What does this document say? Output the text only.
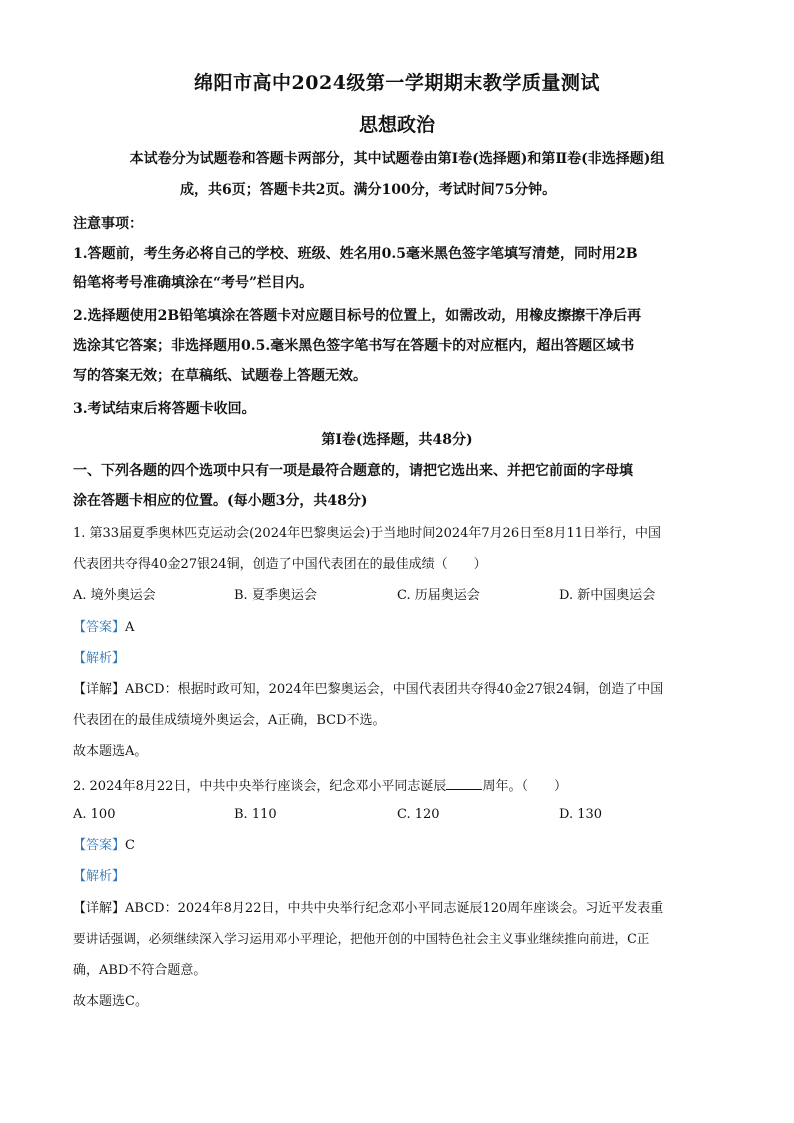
绵阳市高中2024级第一学期期末教学质量测试
思想政治
本试卷分为试题卷和答题卡两部分，其中试题卷由第Ⅰ卷(选择题)和第Ⅱ卷(非选择题)组
成，共6页；答题卡共2页。满分100分，考试时间75分钟。
注意事项：
1.答题前，考生务必将自己的学校、班级、姓名用0.5毫米黑色签字笔填写清楚，同时用2B
铅笔将考号准确填涂在“考号”栏目内。
2.选择题使用2B铅笔填涂在答题卡对应题目标号的位置上，如需改动，用橡皮擦擦干净后再
选涂其它答案；非选择题用0.5.毫米黑色签字笔书写在答题卡的对应框内，超出答题区域书
写的答案无效；在草稿纸、试题卷上答题无效。
3.考试结束后将答题卡收回。
第Ⅰ卷(选择题，共48分)
一、下列各题的四个选项中只有一项是最符合题意的，请把它选出来、并把它前面的字母填
涂在答题卡相应的位置。(每小题3分，共48分)
1. 第33届夏季奥林匹克运动会(2024年巴黎奥运会)于当地时间2024年7月26日至8月11日举行，中国
代表团共夺得40金27银24铜，创造了中国代表团在的最佳成绩（　　）
A. 境外奥运会	B. 夏季奥运会	C. 历届奥运会	D. 新中国奥运会
【答案】A
【解析】
【详解】ABCD：根据时政可知，2024年巴黎奥运会，中国代表团共夺得40金27银24铜，创造了中国
代表团在的最佳成绩境外奥运会，A正确，BCD不选。
故本题选A。
2. 2024年8月22日，中共中央举行座谈会，纪念邓小平同志诞辰	周年。（　　）
A. 100	B. 110	C. 120	D. 130
【答案】C
【解析】
【详解】ABCD：2024年8月22日，中共中央举行纪念邓小平同志诞辰120周年座谈会。习近平发表重
要讲话强调，必须继续深入学习运用邓小平理论，把他开创的中国特色社会主义事业继续推向前进，C正
确，ABD不符合题意。
故本题选C。
